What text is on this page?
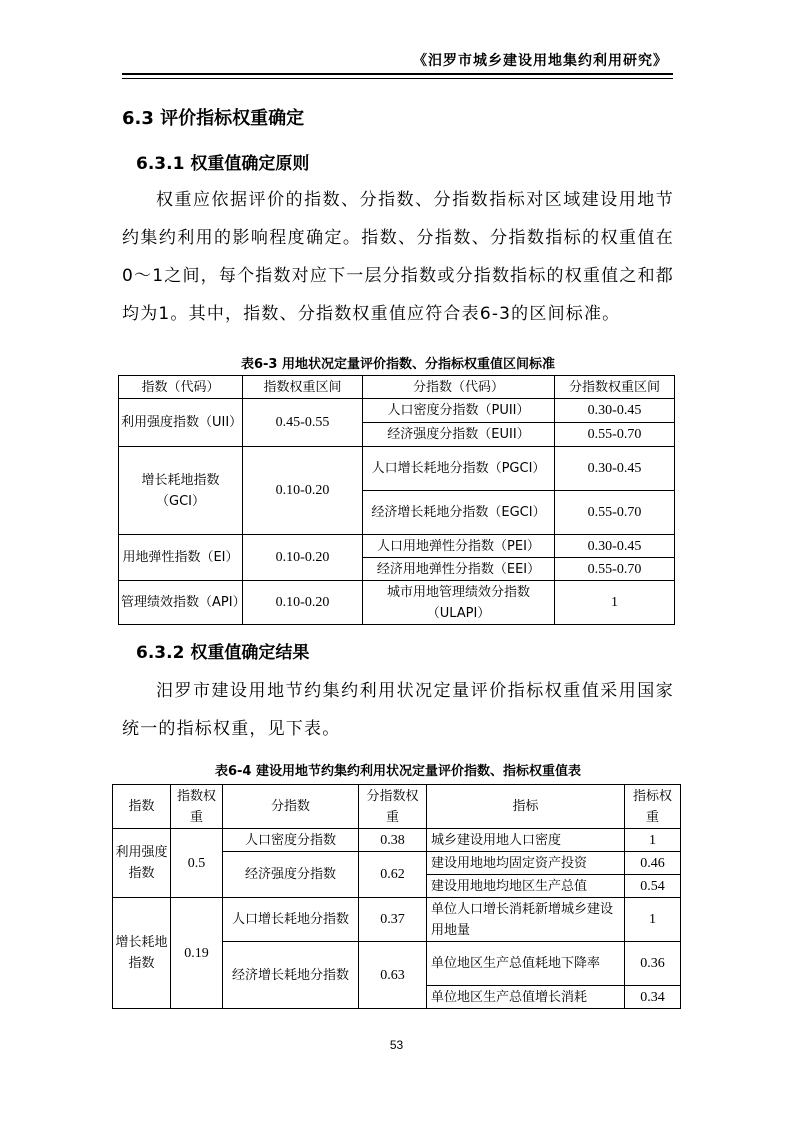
《汨罗市城乡建设用地集约利用研究》

6.3 评价指标权重确定
6.3.1 权重值确定原则

权重应依据评价的指数、分指数、分指数指标对区域建设用地节约集约利用的影响程度确定。指数、分指数、分指数指标的权重值在0～1之间，每个指数对应下一层分指数或分指数指标的权重值之和都均为1。其中，指数、分指数权重值应符合表6-3的区间标准。

表6-3 用地状况定量评价指数、分指标权重值区间标准

指数（代码）	指数权重区间	分指数（代码）	分指数权重区间
利用强度指数（UII）	0.45-0.55	人口密度分指数（PUII）	0.30-0.45
		经济强度分指数（EUII）	0.55-0.70
增长耗地指数（GCI）	0.10-0.20	人口增长耗地分指数（PGCI）	0.30-0.45
		经济增长耗地分指数（EGCI）	0.55-0.70
用地弹性指数（EI）	0.10-0.20	人口用地弹性分指数（PEI）	0.30-0.45
		经济用地弹性分指数（EEI）	0.55-0.70
管理绩效指数（API）	0.10-0.20	城市用地管理绩效分指数（ULAPI）	1
6.3.2 权重值确定结果

汨罗市建设用地节约集约利用状况定量评价指标权重值采用国家统一的指标权重，见下表。

表6-4 建设用地节约集约利用状况定量评价指数、指标权重值表

指数	指数权重	分指数	分指数权重	指标	指标权重
利用强度指数	0.5	人口密度分指数	0.38	城乡建设用地人口密度	1
		经济强度分指数	0.62	建设用地地均固定资产投资	0.46
				建设用地地均地区生产总值	0.54
增长耗地指数	0.19	人口增长耗地分指数	0.37	单位人口增长消耗新增城乡建设用地量	1
		经济增长耗地分指数	0.63	单位地区生产总值耗地下降率	0.36
				单位地区生产总值增长消耗	0.34

53
